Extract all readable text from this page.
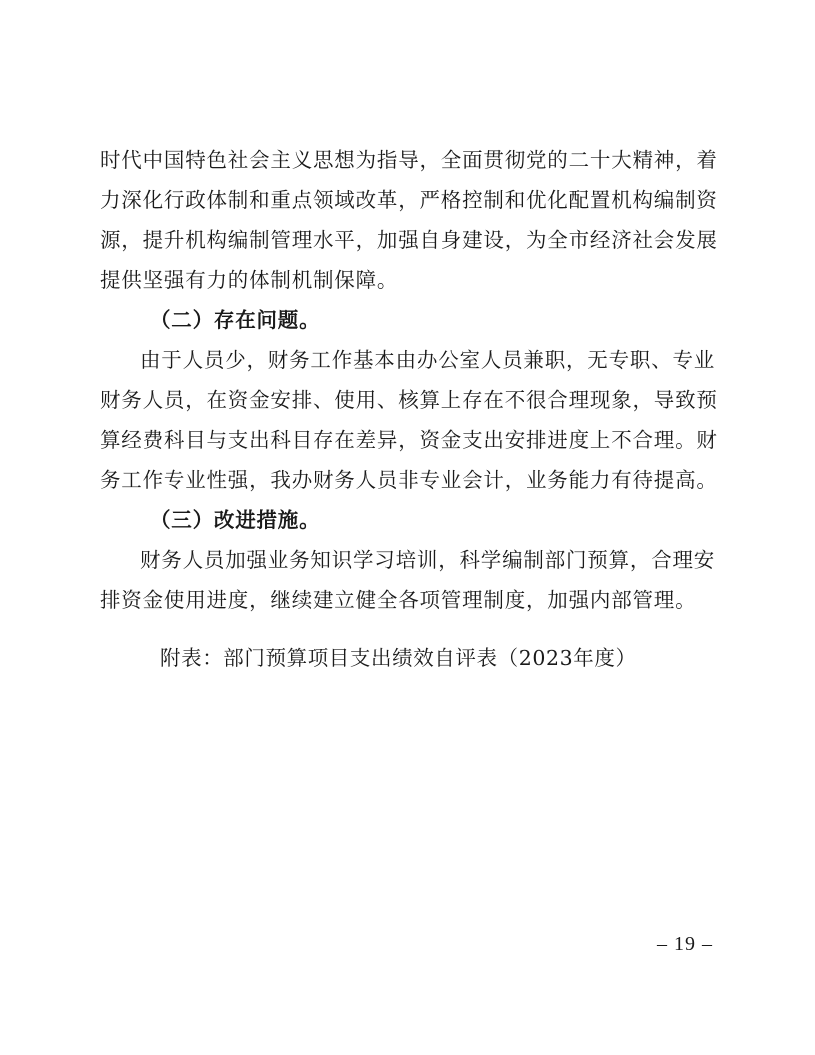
时代中国特色社会主义思想为指导，全面贯彻党的二十大精神，着
力深化行政体制和重点领域改革，严格控制和优化配置机构编制资
源，提升机构编制管理水平，加强自身建设，为全市经济社会发展
提供坚强有力的体制机制保障。
（二）存在问题。
由于人员少，财务工作基本由办公室人员兼职，无专职、专业
财务人员，在资金安排、使用、核算上存在不很合理现象，导致预
算经费科目与支出科目存在差异，资金支出安排进度上不合理。财
务工作专业性强，我办财务人员非专业会计，业务能力有待提高。
（三）改进措施。
财务人员加强业务知识学习培训，科学编制部门预算，合理安
排资金使用进度，继续建立健全各项管理制度，加强内部管理。
附表：部门预算项目支出绩效自评表（2023年度）
– 19 –
